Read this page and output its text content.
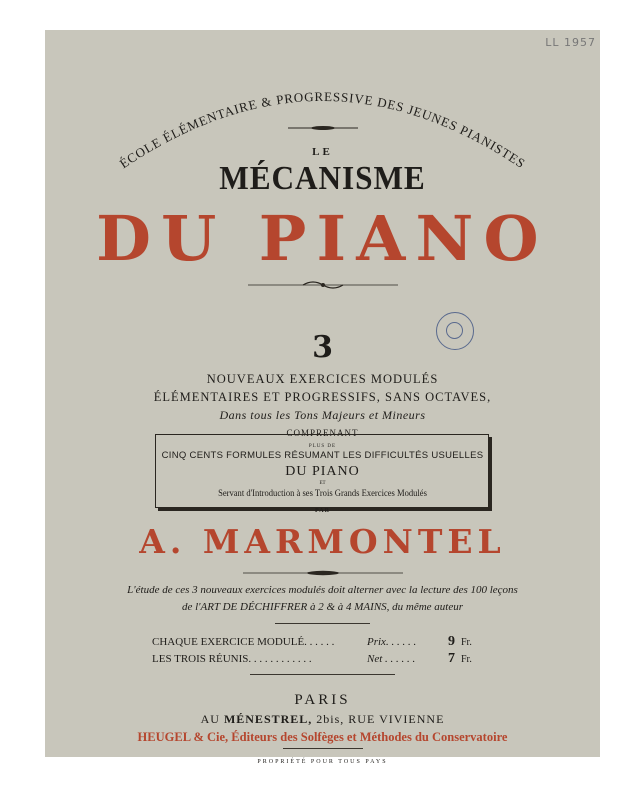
LL 1957
ÉCOLE ÉLÉMENTAIRE & PROGRESSIVE DES JEUNES PIANISTES
LE
MÉCANISME
DU PIANO
3
NOUVEAUX EXERCICES MODULÉS
ÉLÉMENTAIRES ET PROGRESSIFS, SANS OCTAVES,
Dans tous les Tons Majeurs et Mineurs
COMPRENANT
PLUS DE
CINQ CENTS FORMULES RÉSUMANT LES DIFFICULTÉS USUELLES
DU PIANO
ET
Servant d'Introduction à ses Trois Grands Exercices Modulés
PAR
A. MARMONTEL
L'étude de ces 3 nouveaux exercices modulés doit alterner avec la lecture des 100 leçons
de l'ART DE DÉCHIFFRER à 2 & à 4 MAINS, du même auteur
CHAQUE EXERCICE MODULÉ. . . . . .	Prix. . . . . . 9 Fr.
LES TROIS RÉUNIS. . . . . . . . . . . .	Net . . . . . . 7 Fr.
PARIS
AU MÉNESTREL, 2bis, RUE VIVIENNE
HEUGEL & Cie, Éditeurs des Solfèges et Méthodes du Conservatoire
PROPRIÉTÉ POUR TOUS PAYS
